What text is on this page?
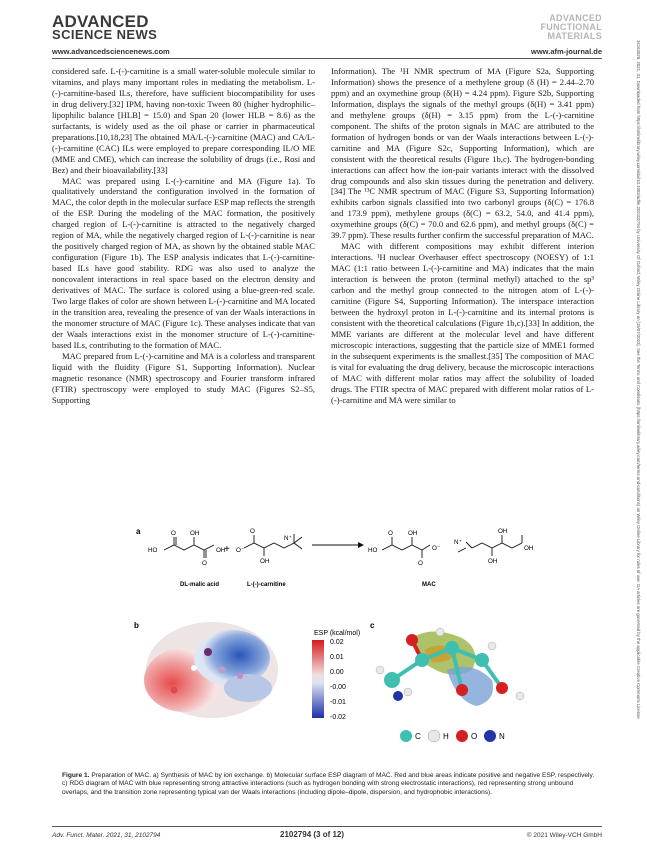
ADVANCED
SCIENCE NEWS
www.advancedsciencenews.com
ADVANCED
FUNCTIONAL
MATERIALS
www.afm-journal.de	16163028, 2021, 31, Downloaded from https://onlinelibrary.wiley.com/doi/10.1002/adfm.202102794 by University Of Oxford, Wiley Online Library on [15/07/2023]. See the Terms and Conditions (https://onlinelibrary.wiley.com/terms-and-conditions) on Wiley Online Library for rules of use; OA articles are governed by the applicable Creative Commons License

considered safe. L-(-)-carnitine is a small water-soluble molecule similar to vitamins, and plays many important roles in mediating the metabolism. L-(-)-carnitine-based ILs, therefore, have sufficient biocompatibility for uses in drug delivery.[32] IPM, having non-toxic Tween 80 (higher hydrophilic–lipophilic balance [HLB] = 15.0) and Span 20 (lower HLB = 8.6) as the surfactants, is widely used as the oil phase or carrier in pharmaceutical preparations.[10,18,23] The obtained MA/L-(-)-carnitine (MAC) and CA/L-(-)-carnitine (CAC) ILs were employed to prepare corresponding IL/O ME (MME and CME), which can increase the solubility of drugs (i.e., Rosi and Bez) and their bioavailability.[33]

MAC was prepared using L-(-)-carnitine and MA (Figure 1a). To qualitatively understand the configuration involved in the formation of MAC, the color depth in the molecular surface ESP map reflects the strength of the ESP. During the modeling of the MAC formation, the positively charged region of L-(-)-carnitine is attracted to the negatively charged region of MA, while the negatively charged region of L-(-)-carnitine is near the positively charged region of MA, as shown by the obtained stable MAC configuration (Figure 1b). The ESP analysis indicates that L-(-)-carnitine-based ILs have good stability. RDG was also used to analyze the noncovalent interactions in real space based on the electron density and derivatives of MAC. The surface is colored using a blue-green-red scale. Two large flakes of color are shown between L-(-)-carnitine and MA located in the transition area, revealing the presence of van der Waals interactions in the monomer structure of MAC (Figure 1c). These analyses indicate that van der Waals interactions exist in the monomer structure of L-(-)-carnitine-based ILs, contributing to the formation of MAC.

MAC prepared from L-(-)-carnitine and MA is a colorless and transparent liquid with the fluidity (Figure S1, Supporting Information). Nuclear magnetic resonance (NMR) spectroscopy and Fourier transform infrared (FTIR) spectroscopy were employed to study MAC (Figures S2–S5, Supporting

Information). The ¹H NMR spectrum of MA (Figure S2a, Supporting Information) shows the presence of a methylene group (δ (H) = 2.44–2.70 ppm) and an oxymethine group (δ(H) = 4.24 ppm). Figure S2b, Supporting Information, displays the signals of the methyl groups (δ(H) = 3.41 ppm) and methylene groups (δ(H) = 3.15 ppm) from the L-(-)-carnitine component. The shifts of the proton signals in MAC are attributed to the formation of hydrogen bonds or van der Waals interactions between L-(-)-carnitine and MA (Figure S2c, Supporting Information), which are consistent with the theoretical results (Figure 1b,c). The hydrogen-bonding interactions can affect how the ion-pair variants interact with the dissolved drug compounds and also skin tissues during the penetration and delivery.[34] The ¹³C NMR spectrum of MAC (Figure S3, Supporting Information) exhibits carbon signals classified into two carbonyl groups (δ(C) = 176.8 and 173.9 ppm), methylene groups (δ(C) = 63.2, 54.0, and 41.4 ppm), oxymethine groups (δ(C) = 70.0 and 62.6 ppm), and methyl groups (δ(C) = 39.7 ppm). These results further confirm the successful preparation of MAC.

MAC with different compositions may exhibit different interion interactions. ¹H nuclear Overhauser effect spectroscopy (NOESY) of 1:1 MAC (1:1 ratio between L-(-)-carnitine and MA) indicates that the main interaction is between the proton (terminal methyl) attached to the sp³ carbon and the methyl group connected to the nitrogen atom of L-(-)-carnitine (Figure S4, Supporting Information). The interspace interaction between the hydroxyl proton in L-(-)-carnitine and its internal protons is consistent with the theoretical calculations (Figure 1b,c).[33] In addition, the MME variants are different at the molecular level and have different microscopic interactions, suggesting that the particle size of MME1 formed in the subsequent experiments is the smallest.[35] The composition of MAC is vital for evaluating the drug delivery, because the microscopic interactions of MAC with different molar ratios may affect the solubility of loaded drugs. The FTIR spectra of MAC prepared with different molar ratios of L-(-)-carnitine and MA were similar to

a
HO
O OH
O
OH
+ O⁻
O
OH
N⁺
HO
O OH
O
O⁻
N⁺
OH
OH
OH
DL-malic acid	L-(-)-carnitine	MAC
b
ESP (kcal/mol)
0.02
0.01
0.00
-0.00
-0.01
-0.02
c
C	H	O	N
Figure 1. Preparation of MAC. a) Synthesis of MAC by ion exchange. b) Molecular surface ESP diagram of MAC. Red and blue areas indicate positive and negative ESP, respectively. c) RDG diagram of MAC with blue representing strong attractive interactions (such as hydrogen bonding with strong electrostatic interactions), red representing strong unbound overlaps, and the transition zone representing typical van der Waals interactions (including dipole–dipole, dispersion, and hydrophobic interactions).
Adv. Funct. Mater. 2021, 31, 2102794	2102794 (3 of 12)	© 2021 Wiley-VCH GmbH
